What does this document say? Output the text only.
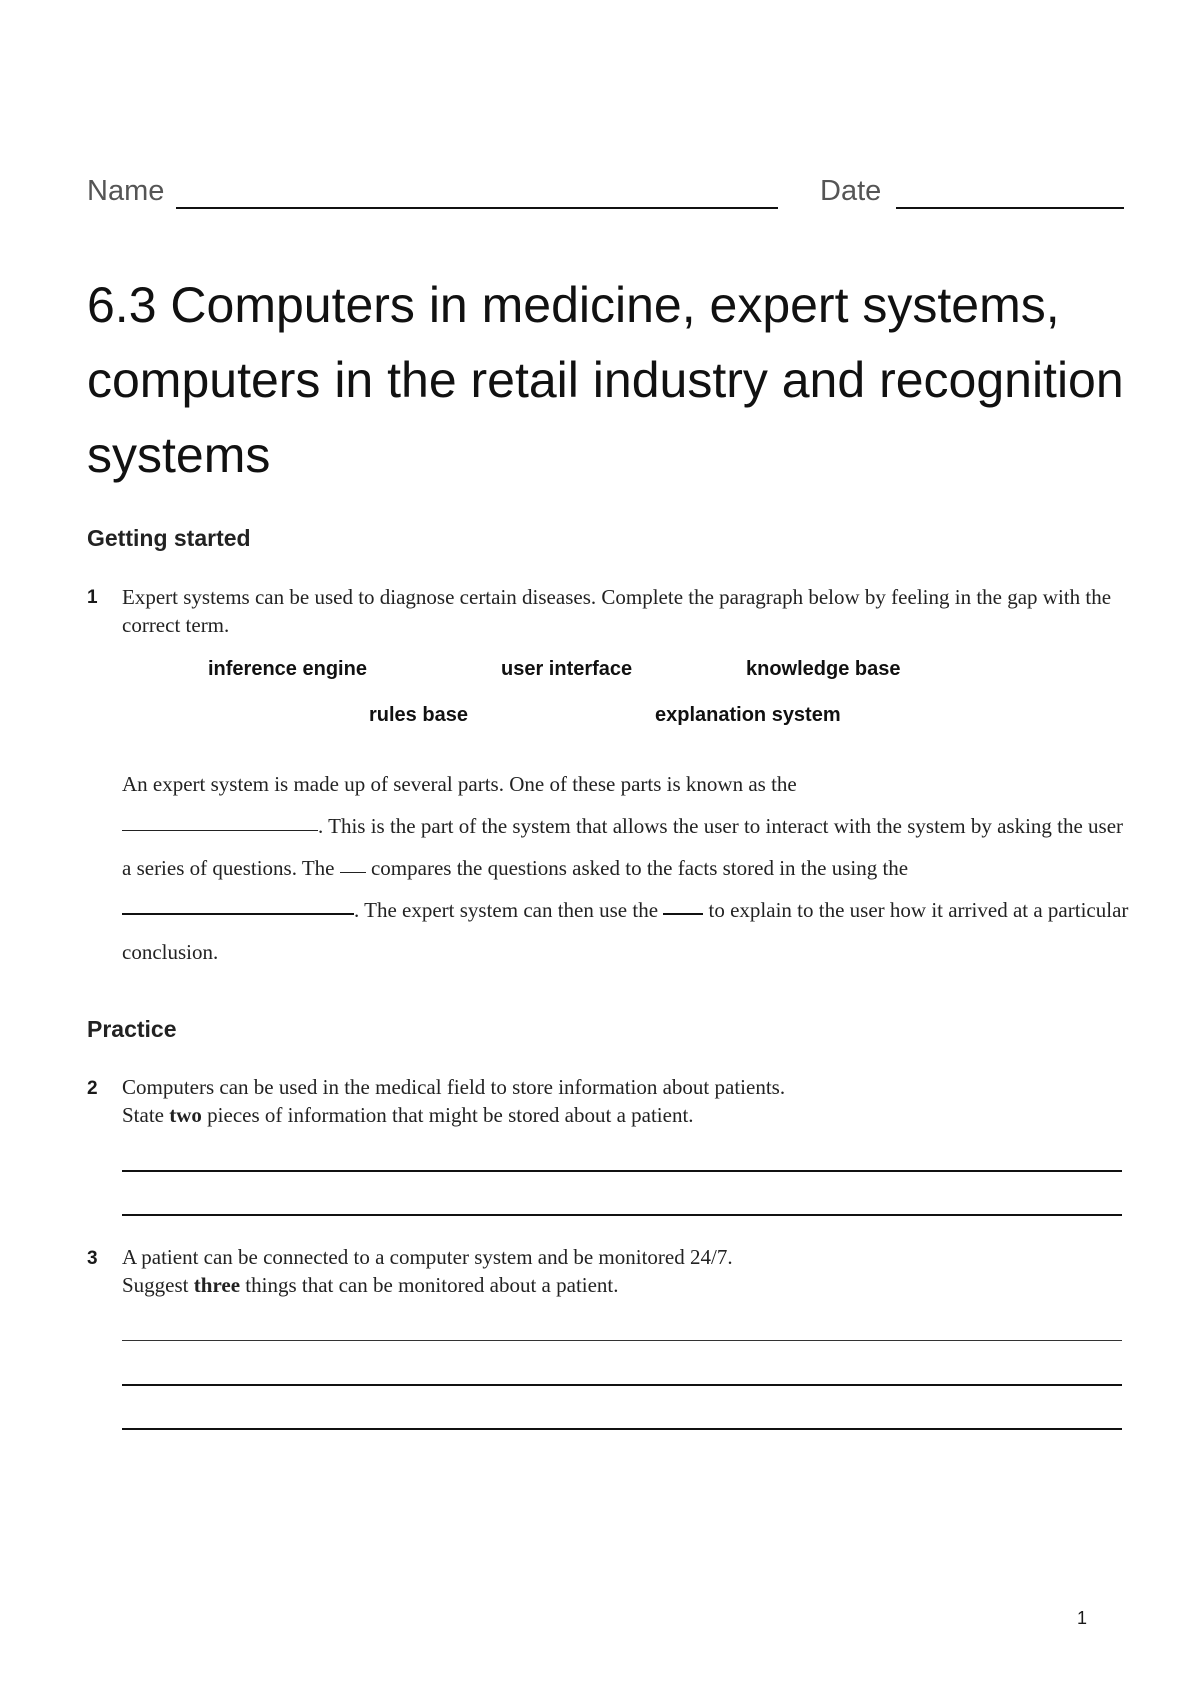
Name	Date
6.3 Computers in medicine, expert systems, computers in the retail industry and recognition systems
Getting started
1 Expert systems can be used to diagnose certain diseases. Complete the paragraph below by feeling in the gap with the correct term.
inference engine	user interface	knowledge base
rules base	explanation system
An expert system is made up of several parts. One of these parts is known as the
. This is the part of the system that allows the user to interact with the system by asking the user a series of questions. The compares the questions asked to the facts stored in the using the . The expert system can then use the to explain to the user how it arrived at a particular conclusion.
Practice
2 Computers can be used in the medical field to store information about patients.
State two pieces of information that might be stored about a patient.
3 A patient can be connected to a computer system and be monitored 24/7.
Suggest three things that can be monitored about a patient.
1
